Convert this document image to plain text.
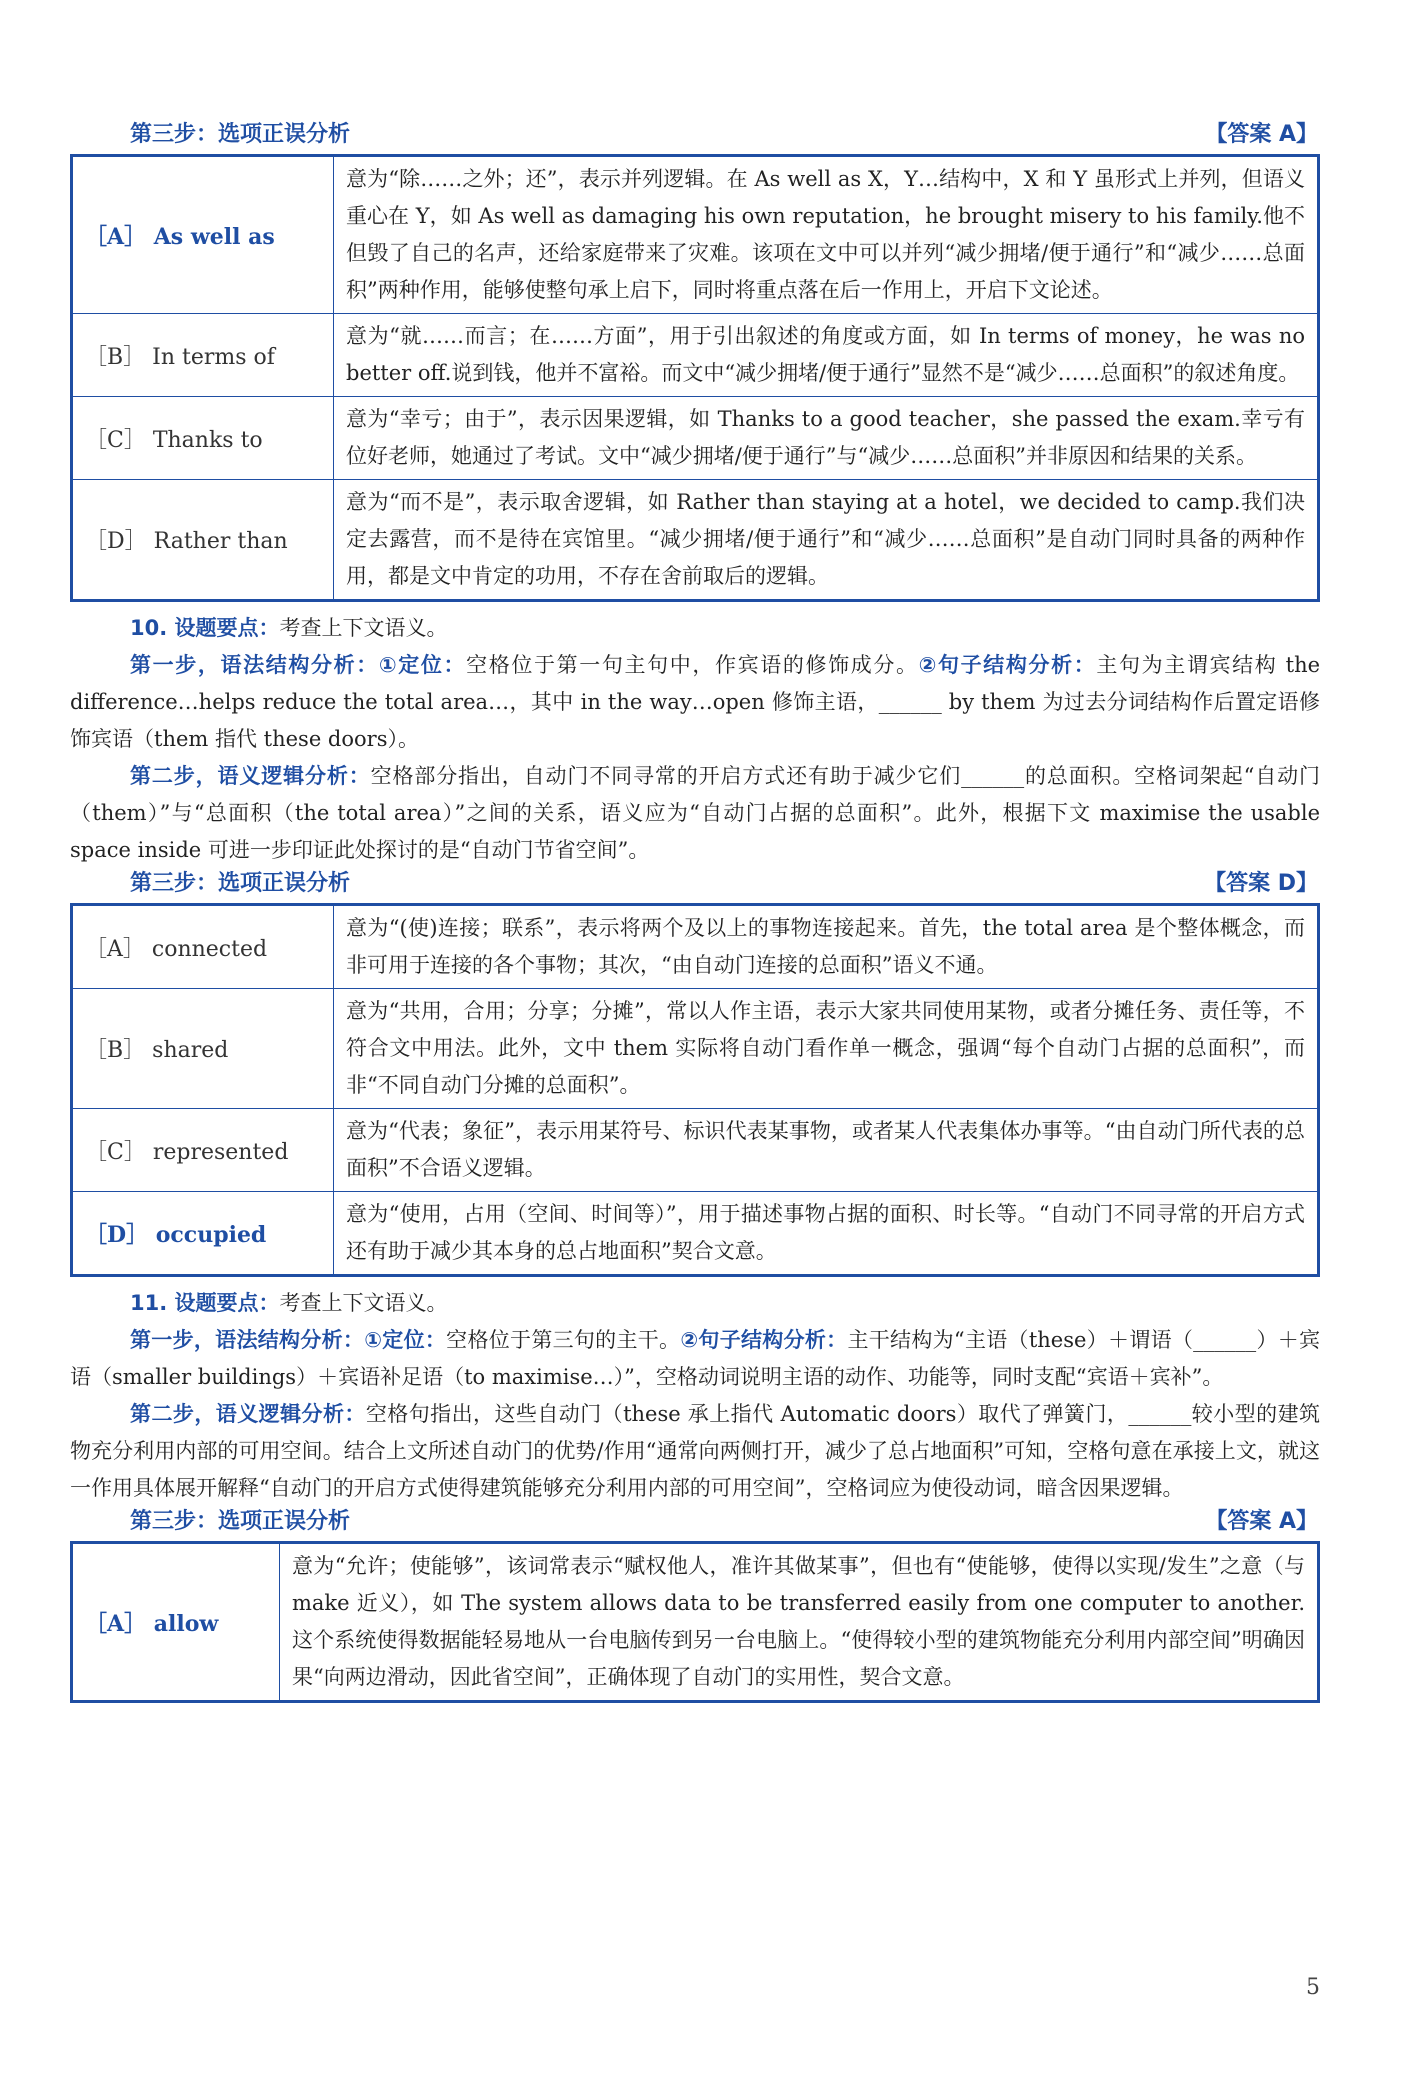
第三步：选项正误分析	【答案 A】
［A］ As well as	意为“除……之外；还”，表示并列逻辑。在 As well as X，Y…结构中，X 和 Y 虽形式上并列，但语义重心在 Y，如 As well as damaging his own reputation，he brought misery to his family.他不但毁了自己的名声，还给家庭带来了灾难。该项在文中可以并列“减少拥堵/便于通行”和“减少……总面积”两种作用，能够使整句承上启下，同时将重点落在后一作用上，开启下文论述。
［B］ In terms of	意为“就……而言；在……方面”，用于引出叙述的角度或方面，如 In terms of money，he was no better off.说到钱，他并不富裕。而文中“减少拥堵/便于通行”显然不是“减少……总面积”的叙述角度。
［C］ Thanks to	意为“幸亏；由于”，表示因果逻辑，如 Thanks to a good teacher，she passed the exam.幸亏有位好老师，她通过了考试。文中“减少拥堵/便于通行”与“减少……总面积”并非原因和结果的关系。
［D］ Rather than	意为“而不是”，表示取舍逻辑，如 Rather than staying at a hotel，we decided to camp.我们决定去露营，而不是待在宾馆里。“减少拥堵/便于通行”和“减少……总面积”是自动门同时具备的两种作用，都是文中肯定的功用，不存在舍前取后的逻辑。
10. 设题要点：考查上下文语义。

第一步，语法结构分析：①定位：空格位于第一句主句中，作宾语的修饰成分。②句子结构分析：主句为主谓宾结构 the difference…helps reduce the total area…，其中 in the way…open 修饰主语，______ by them 为过去分词结构作后置定语修饰宾语（them 指代 these doors）。

第二步，语义逻辑分析：空格部分指出，自动门不同寻常的开启方式还有助于减少它们______的总面积。空格词架起“自动门（them）”与“总面积（the total area）”之间的关系，语义应为“自动门占据的总面积”。此外，根据下文 maximise the usable space inside 可进一步印证此处探讨的是“自动门节省空间”。

第三步：选项正误分析	【答案 D】
［A］ connected	意为“(使)连接；联系”，表示将两个及以上的事物连接起来。首先，the total area 是个整体概念，而非可用于连接的各个事物；其次，“由自动门连接的总面积”语义不通。
［B］ shared	意为“共用，合用；分享；分摊”，常以人作主语，表示大家共同使用某物，或者分摊任务、责任等，不符合文中用法。此外，文中 them 实际将自动门看作单一概念，强调“每个自动门占据的总面积”，而非“不同自动门分摊的总面积”。
［C］ represented	意为“代表；象征”，表示用某符号、标识代表某事物，或者某人代表集体办事等。“由自动门所代表的总面积”不合语义逻辑。
［D］ occupied	意为“使用，占用（空间、时间等）”，用于描述事物占据的面积、时长等。“自动门不同寻常的开启方式还有助于减少其本身的总占地面积”契合文意。
11. 设题要点：考查上下文语义。

第一步，语法结构分析：①定位：空格位于第三句的主干。②句子结构分析：主干结构为“主语（these）＋谓语（______）＋宾语（smaller buildings）＋宾语补足语（to maximise…）”，空格动词说明主语的动作、功能等，同时支配“宾语＋宾补”。

第二步，语义逻辑分析：空格句指出，这些自动门（these 承上指代 Automatic doors）取代了弹簧门，______较小型的建筑物充分利用内部的可用空间。结合上文所述自动门的优势/作用“通常向两侧打开，减少了总占地面积”可知，空格句意在承接上文，就这一作用具体展开解释“自动门的开启方式使得建筑能够充分利用内部的可用空间”，空格词应为使役动词，暗含因果逻辑。

第三步：选项正误分析	【答案 A】
［A］ allow	意为“允许；使能够”，该词常表示“赋权他人，准许其做某事”，但也有“使能够，使得以实现/发生”之意（与 make 近义），如 The system allows data to be transferred easily from one computer to another.这个系统使得数据能轻易地从一台电脑传到另一台电脑上。“使得较小型的建筑物能充分利用内部空间”明确因果“向两边滑动，因此省空间”，正确体现了自动门的实用性，契合文意。
5
